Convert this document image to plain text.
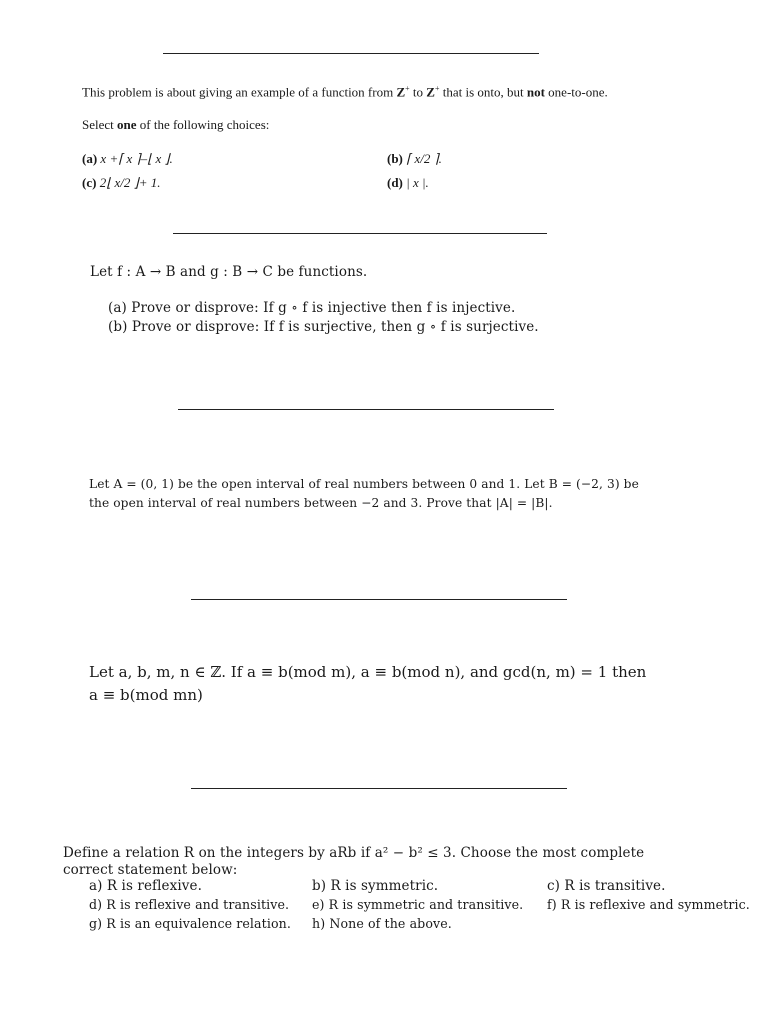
This problem is about giving an example of a function from Z+ to Z+ that is onto, but not one-to-one.

Select one of the following choices:

(a) x +⌈ x ⌉–⌊ x ⌋.	(b) ⌈ x/2 ⌉.
(c) 2⌊ x/2 ⌋+ 1.	(d) | x |.

Let f : A → B and g : B → C be functions.

(a) Prove or disprove: If g ∘ f is injective then f is injective.

(b) Prove or disprove: If f is surjective, then g ∘ f is surjective.

Let A = (0, 1) be the open interval of real numbers between 0 and 1. Let B = (−2, 3) be

the open interval of real numbers between −2 and 3. Prove that |A| = |B|.

Let a, b, m, n ∈ ℤ. If a ≡ b(mod m), a ≡ b(mod n), and gcd(n, m) = 1 then

a ≡ b(mod mn)

Define a relation R on the integers by aRb if a² − b² ≤ 3. Choose the most complete

correct statement below:

a) R is reflexive.	b) R is symmetric.	c) R is transitive.
d) R is reflexive and transitive. e) R is symmetric and transitive. f) R is reflexive and symmetric.
g) R is an equivalence relation. h) None of the above.
